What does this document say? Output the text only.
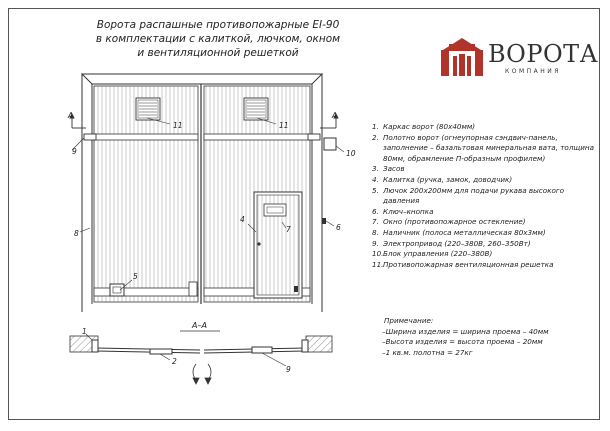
Ворота распашные противопожарные EI-90
в комплектации с калиткой, лючком, окном
и вентиляционной решеткой	ВОРОТА
КОМПАНИЯ
11	11
A	A
9	10
8
4
7	6
5
A–A
1
2
9
1. Каркас ворот (80х40мм)
2. Полотно ворот (огнеупорная сэндвич-панель, заполнение – базальтовая минеральная вата, толщина 80мм, обрамление П-образным профилем)
3. Засов
4. Калитка (ручка, замок, доводчик)
5. Лючок 200х200мм для подачи рукава высокого давления
6. Ключ–кнопка
7. Окно (противопожарное остекление)
8. Наличник (полоса металлическая 80х3мм)
9. Электропривод (220–380В, 260–350Вт)
10. Блок управления (220–380В)
11. Противопожарная вентиляционная решетка
Примечание:
–Ширина изделия = ширина проема – 40мм
–Высота изделия = высота проема – 20мм
–1 кв.м. полотна = 27кг
